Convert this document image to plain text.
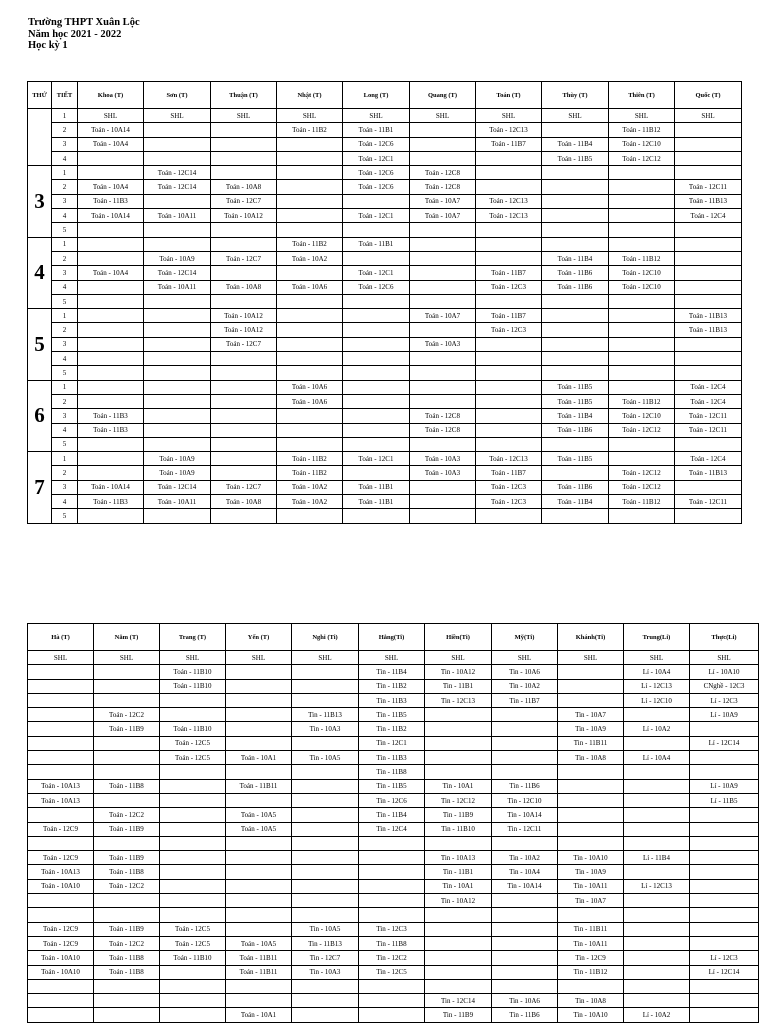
Trường THPT Xuân Lộc
Năm học 2021 - 2022
Học kỳ 1
THỨ	TIẾT	Khoa (T)	Sơn (T)	Thuận (T)	Nhật (T)	Long (T)	Quang (T)	Toán (T)	Thùy (T)	Thiên (T)	Quốc (T)
	1	SHL	SHL	SHL	SHL	SHL	SHL	SHL	SHL	SHL	SHL
	2	Toán - 10A14			Toán - 11B2	Toán - 11B1		Toán - 12C13		Toán - 11B12	
	3	Toán - 10A4				Toán - 12C6		Toán - 11B7	Toán - 11B4	Toán - 12C10	
	4					Toán - 12C1			Toán - 11B5	Toán - 12C12	
3	1		Toán - 12C14			Toán - 12C6	Toán - 12C8				
	2	Toán - 10A4	Toán - 12C14	Toán - 10A8		Toán - 12C6	Toán - 12C8				Toán - 12C11
	3	Toán - 11B3		Toán - 12C7			Toán - 10A7	Toán - 12C13			Toán - 11B13
	4	Toán - 10A14	Toán - 10A11	Toán - 10A12		Toán - 12C1	Toán - 10A7	Toán - 12C13			Toán - 12C4
	5										
4	1				Toán - 11B2	Toán - 11B1					
	2		Toán - 10A9	Toán - 12C7	Toán - 10A2				Toán - 11B4	Toán - 11B12	
	3	Toán - 10A4	Toán - 12C14			Toán - 12C1		Toán - 11B7	Toán - 11B6	Toán - 12C10	
	4		Toán - 10A11	Toán - 10A8	Toán - 10A6	Toán - 12C6		Toán - 12C3	Toán - 11B6	Toán - 12C10	
	5										
5	1			Toán - 10A12			Toán - 10A7	Toán - 11B7			Toán - 11B13
	2			Toán - 10A12				Toán - 12C3			Toán - 11B13
	3			Toán - 12C7			Toán - 10A3				
	4										
	5										
6	1				Toán - 10A6				Toán - 11B5		Toán - 12C4
	2				Toán - 10A6				Toán - 11B5	Toán - 11B12	Toán - 12C4
	3	Toán - 11B3					Toán - 12C8		Toán - 11B4	Toán - 12C10	Toán - 12C11
	4	Toán - 11B3					Toán - 12C8		Toán - 11B6	Toán - 12C12	Toán - 12C11
	5										
7	1		Toán - 10A9		Toán - 11B2	Toán - 12C1	Toán - 10A3	Toán - 12C13	Toán - 11B5		Toán - 12C4
	2		Toán - 10A9		Toán - 11B2		Toán - 10A3	Toán - 11B7		Toán - 12C12	Toán - 11B13
	3	Toán - 10A14	Toán - 12C14	Toán - 12C7	Toán - 10A2	Toán - 11B1		Toán - 12C3	Toán - 11B6	Toán - 12C12	
	4	Toán - 11B3	Toán - 10A11	Toán - 10A8	Toán - 10A2	Toán - 11B1		Toán - 12C3	Toán - 11B4	Toán - 11B12	Toán - 12C11
	5										
Hà (T)	Năm (T)	Trang (T)	Yến (T)	Nghi (Ti)	Hằng(Ti)	Hiền(Ti)	Mỹ(Ti)	Khánh(Ti)	Trung(Li)	Thực(Li)
SHL	SHL	SHL	SHL	SHL	SHL	SHL	SHL	SHL	SHL	SHL
		Toán - 11B10			Tin - 11B4	Tin - 10A12	Tin - 10A6		Lí - 10A4	Lí - 10A10
		Toán - 11B10			Tin - 11B2	Tin - 11B1	Tin - 10A2		Lí - 12C13	CNghề - 12C3
					Tin - 11B3	Tin - 12C13	Tin - 11B7		Lí - 12C10	Lí - 12C3
	Toán - 12C2			Tin - 11B13	Tin - 11B5			Tin - 10A7		Lí - 10A9
	Toán - 11B9	Toán - 11B10		Tin - 10A3	Tin - 11B2			Tin - 10A9	Lí - 10A2	
		Toán - 12C5			Tin - 12C1			Tin - 11B11		Lí - 12C14
		Toán - 12C5	Toán - 10A1	Tin - 10A5	Tin - 11B3			Tin - 10A8	Lí - 10A4	
					Tin - 11B8					
Toán - 10A13	Toán - 11B8		Toán - 11B11		Tin - 11B5	Tin - 10A1	Tin - 11B6			Lí - 10A9
Toán - 10A13					Tin - 12C6	Tin - 12C12	Tin - 12C10			Lí - 11B5
	Toán - 12C2		Toán - 10A5		Tin - 11B4	Tin - 11B9	Tin - 10A14			
Toán - 12C9	Toán - 11B9		Toán - 10A5		Tin - 12C4	Tin - 11B10	Tin - 12C11			

Toán - 12C9	Toán - 11B9					Tin - 10A13	Tin - 10A2	Tin - 10A10	Lí - 11B4	
Toán - 10A13	Toán - 11B8					Tin - 11B1	Tin - 10A4	Tin - 10A9		
Toán - 10A10	Toán - 12C2					Tin - 10A1	Tin - 10A14	Tin - 10A11	Lí - 12C13	
						Tin - 10A12		Tin - 10A7		

Toán - 12C9	Toán - 11B9	Toán - 12C5		Tin - 10A5	Tin - 12C3			Tin - 11B11		
Toán - 12C9	Toán - 12C2	Toán - 12C5	Toán - 10A5	Tin - 11B13	Tin - 11B8			Tin - 10A11		
Toán - 10A10	Toán - 11B8	Toán - 11B10	Toán - 11B11	Tin - 12C7	Tin - 12C2			Tin - 12C9		Lí - 12C3
Toán - 10A10	Toán - 11B8		Toán - 11B11	Tin - 10A3	Tin - 12C5			Tin - 11B12		Lí - 12C14

						Tin - 12C14	Tin - 10A6	Tin - 10A8		
			Toán - 10A1			Tin - 11B9	Tin - 11B6	Tin - 10A10	Lí - 10A2	
